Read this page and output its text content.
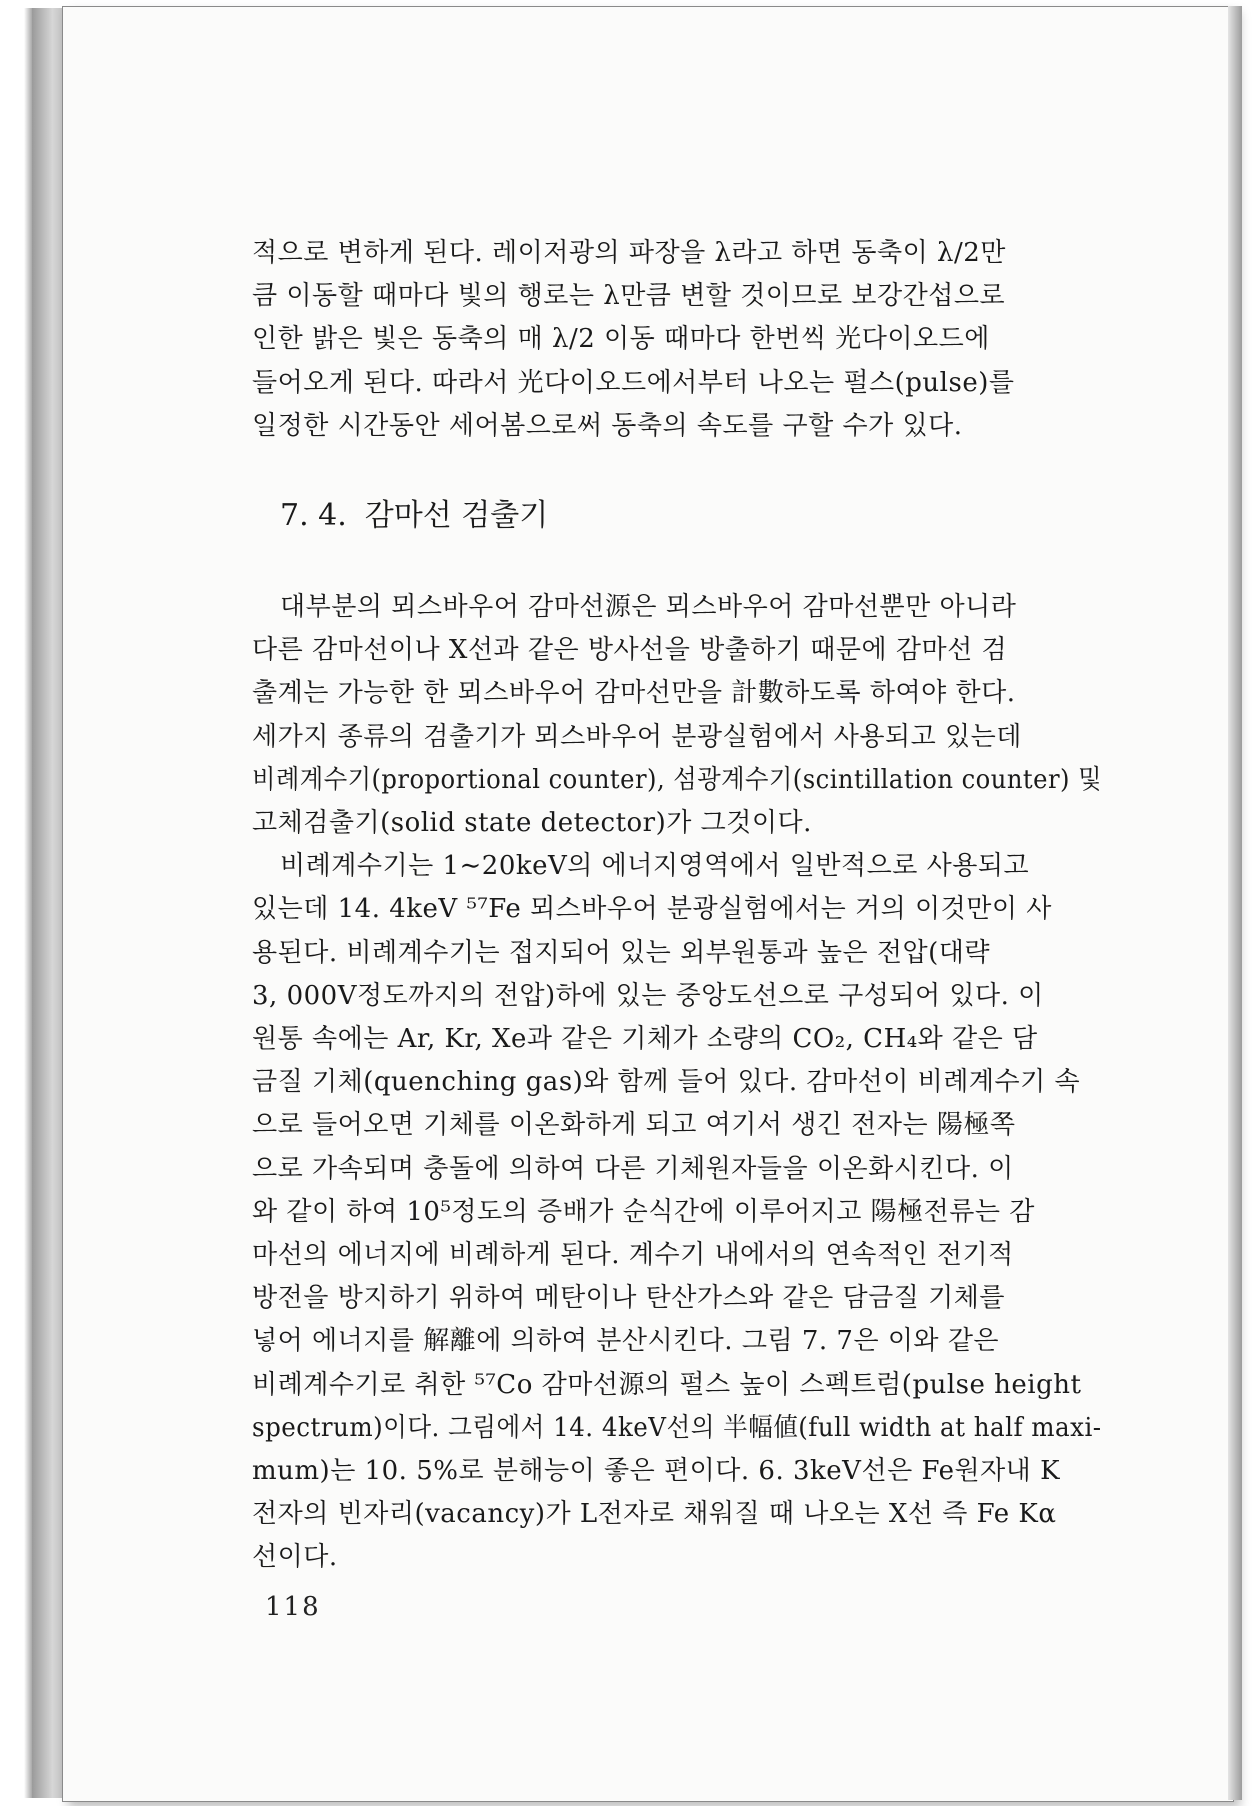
적으로 변하게 된다. 레이저광의 파장을 λ라고 하면 동축이 λ/2만
큼 이동할 때마다 빛의 행로는 λ만큼 변할 것이므로 보강간섭으로
인한 밝은 빛은 동축의 매 λ/2 이동 때마다 한번씩 光다이오드에
들어오게 된다. 따라서 光다이오드에서부터 나오는 펄스(pulse)를
일정한 시간동안 세어봄으로써 동축의 속도를 구할 수가 있다.

7. 4. 감마선 검출기

대부분의 뫼스바우어 감마선源은 뫼스바우어 감마선뿐만 아니라
다른 감마선이나 X선과 같은 방사선을 방출하기 때문에 감마선 검
출계는 가능한 한 뫼스바우어 감마선만을 計數하도록 하여야 한다.
세가지 종류의 검출기가 뫼스바우어 분광실험에서 사용되고 있는데
비례계수기(proportional counter), 섬광계수기(scintillation counter) 및
고체검출기(solid state detector)가 그것이다.

비례계수기는 1∼20keV의 에너지영역에서 일반적으로 사용되고
있는데 14. 4keV ⁵⁷Fe 뫼스바우어 분광실험에서는 거의 이것만이 사
용된다. 비례계수기는 접지되어 있는 외부원통과 높은 전압(대략
3, 000V정도까지의 전압)하에 있는 중앙도선으로 구성되어 있다. 이
원통 속에는 Ar, Kr, Xe과 같은 기체가 소량의 CO₂, CH₄와 같은 담
금질 기체(quenching gas)와 함께 들어 있다. 감마선이 비례계수기 속
으로 들어오면 기체를 이온화하게 되고 여기서 생긴 전자는 陽極쪽
으로 가속되며 충돌에 의하여 다른 기체원자들을 이온화시킨다. 이
와 같이 하여 10⁵정도의 증배가 순식간에 이루어지고 陽極전류는 감
마선의 에너지에 비례하게 된다. 계수기 내에서의 연속적인 전기적
방전을 방지하기 위하여 메탄이나 탄산가스와 같은 담금질 기체를
넣어 에너지를 解離에 의하여 분산시킨다. 그림 7. 7은 이와 같은
비례계수기로 취한 ⁵⁷Co 감마선源의 펄스 높이 스펙트럼(pulse height
spectrum)이다. 그림에서 14. 4keV선의 半幅値(full width at half maxi-
mum)는 10. 5%로 분해능이 좋은 편이다. 6. 3keV선은 Fe원자내 K
전자의 빈자리(vacancy)가 L전자로 채워질 때 나오는 X선 즉 Fe Kα
선이다.

118
